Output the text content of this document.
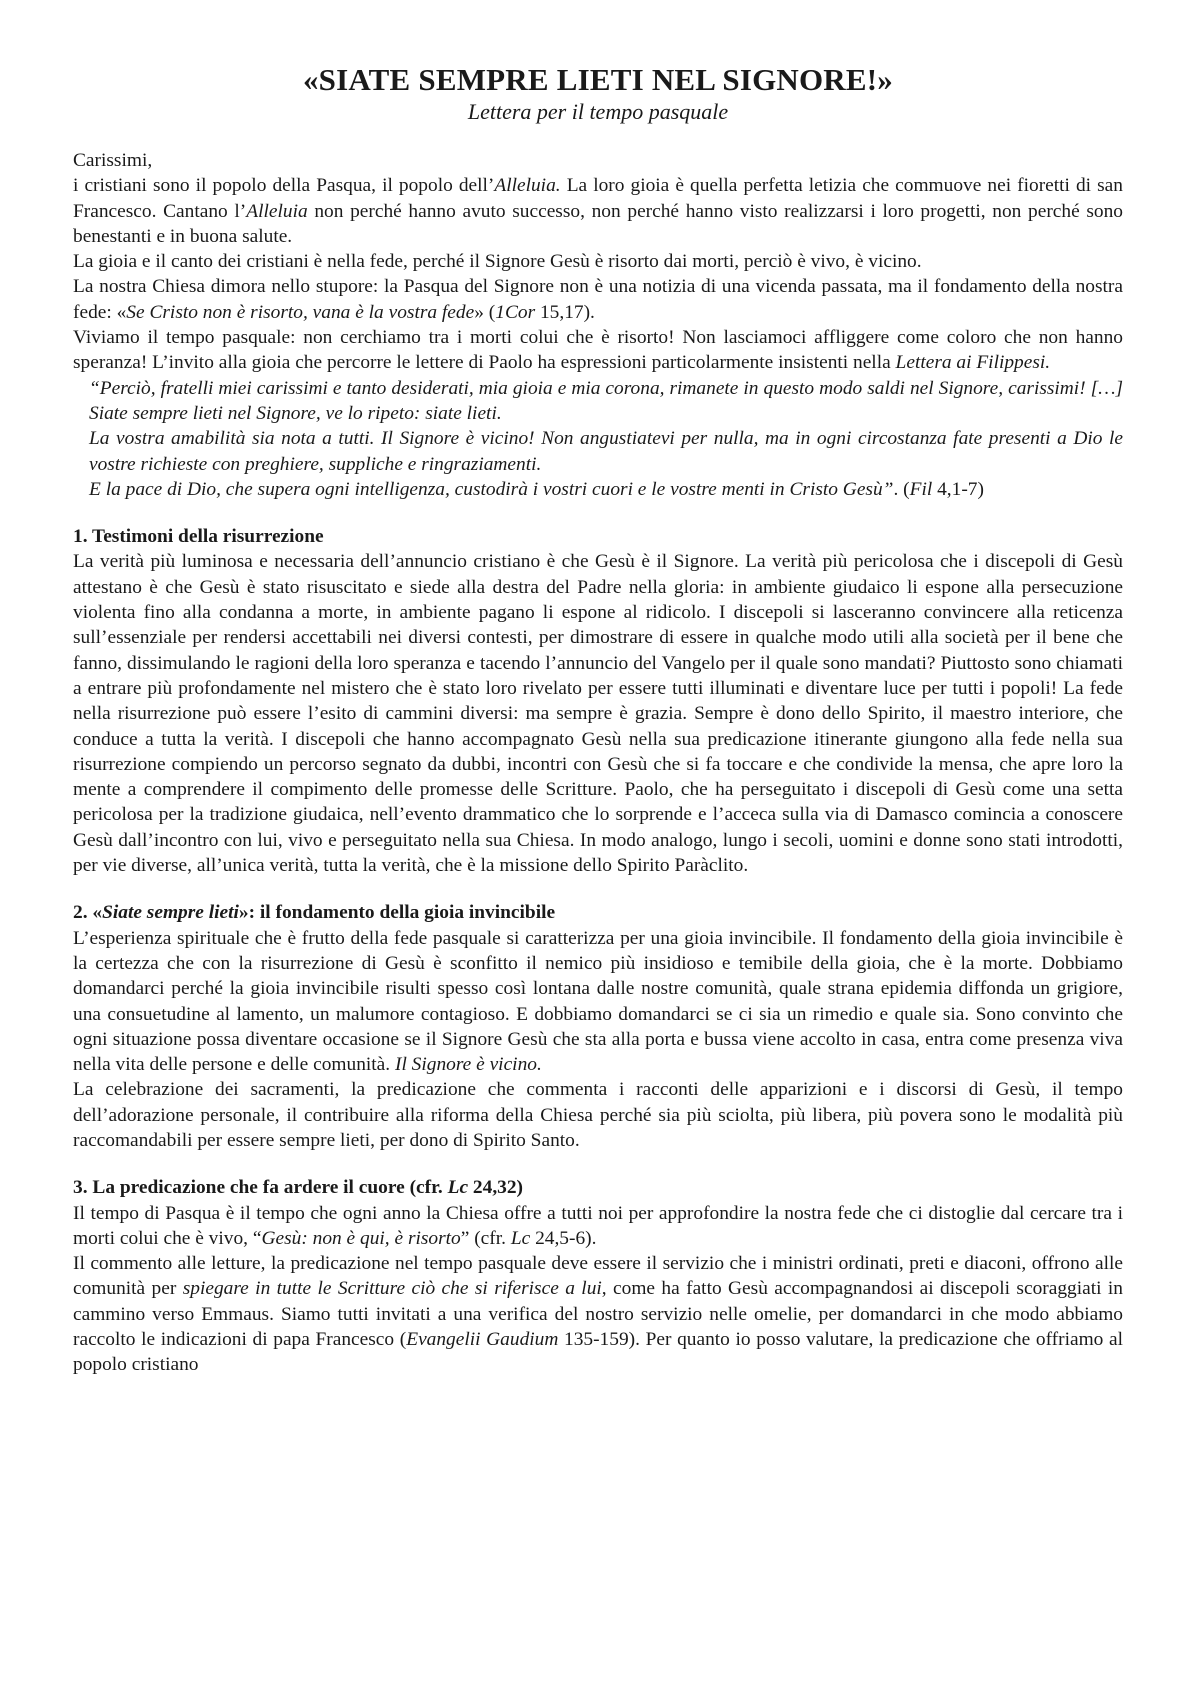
«SIATE SEMPRE LIETI NEL SIGNORE!»
Lettera per il tempo pasquale

Carissimi,

i cristiani sono il popolo della Pasqua, il popolo dell’Alleluia. La loro gioia è quella perfetta letizia che commuove nei fioretti di san Francesco. Cantano l’Alleluia non perché hanno avuto successo, non perché hanno visto realizzarsi i loro progetti, non perché sono benestanti e in buona salute.

La gioia e il canto dei cristiani è nella fede, perché il Signore Gesù è risorto dai morti, perciò è vivo, è vicino.

La nostra Chiesa dimora nello stupore: la Pasqua del Signore non è una notizia di una vicenda passata, ma il fondamento della nostra fede: «Se Cristo non è risorto, vana è la vostra fede» (1Cor 15,17).

Viviamo il tempo pasquale: non cerchiamo tra i morti colui che è risorto! Non lasciamoci affliggere come coloro che non hanno speranza! L’invito alla gioia che percorre le lettere di Paolo ha espressioni particolarmente insistenti nella Lettera ai Filippesi.

“Perciò, fratelli miei carissimi e tanto desiderati, mia gioia e mia corona, rimanete in questo modo saldi nel Signore, carissimi! […] Siate sempre lieti nel Signore, ve lo ripeto: siate lieti.

La vostra amabilità sia nota a tutti. Il Signore è vicino! Non angustiatevi per nulla, ma in ogni circostanza fate presenti a Dio le vostre richieste con preghiere, suppliche e ringraziamenti.

E la pace di Dio, che supera ogni intelligenza, custodirà i vostri cuori e le vostre menti in Cristo Gesù”. (Fil 4,1-7)

1. Testimoni della risurrezione

La verità più luminosa e necessaria dell’annuncio cristiano è che Gesù è il Signore. La verità più pericolosa che i discepoli di Gesù attestano è che Gesù è stato risuscitato e siede alla destra del Padre nella gloria: in ambiente giudaico li espone alla persecuzione violenta fino alla condanna a morte, in ambiente pagano li espone al ridicolo. I discepoli si lasceranno convincere alla reticenza sull’essenziale per rendersi accettabili nei diversi contesti, per dimostrare di essere in qualche modo utili alla società per il bene che fanno, dissimulando le ragioni della loro speranza e tacendo l’annuncio del Vangelo per il quale sono mandati? Piuttosto sono chiamati a entrare più profondamente nel mistero che è stato loro rivelato per essere tutti illuminati e diventare luce per tutti i popoli! La fede nella risurrezione può essere l’esito di cammini diversi: ma sempre è grazia. Sempre è dono dello Spirito, il maestro interiore, che conduce a tutta la verità. I discepoli che hanno accompagnato Gesù nella sua predicazione itinerante giungono alla fede nella sua risurrezione compiendo un percorso segnato da dubbi, incontri con Gesù che si fa toccare e che condivide la mensa, che apre loro la mente a comprendere il compimento delle promesse delle Scritture. Paolo, che ha perseguitato i discepoli di Gesù come una setta pericolosa per la tradizione giudaica, nell’evento drammatico che lo sorprende e l’acceca sulla via di Damasco comincia a conoscere Gesù dall’incontro con lui, vivo e perseguitato nella sua Chiesa. In modo analogo, lungo i secoli, uomini e donne sono stati introdotti, per vie diverse, all’unica verità, tutta la verità, che è la missione dello Spirito Paràclito.

2. «Siate sempre lieti»: il fondamento della gioia invincibile

L’esperienza spirituale che è frutto della fede pasquale si caratterizza per una gioia invincibile. Il fondamento della gioia invincibile è la certezza che con la risurrezione di Gesù è sconfitto il nemico più insidioso e temibile della gioia, che è la morte. Dobbiamo domandarci perché la gioia invincibile risulti spesso così lontana dalle nostre comunità, quale strana epidemia diffonda un grigiore, una consuetudine al lamento, un malumore contagioso. E dobbiamo domandarci se ci sia un rimedio e quale sia. Sono convinto che ogni situazione possa diventare occasione se il Signore Gesù che sta alla porta e bussa viene accolto in casa, entra come presenza viva nella vita delle persone e delle comunità. Il Signore è vicino.

La celebrazione dei sacramenti, la predicazione che commenta i racconti delle apparizioni e i discorsi di Gesù, il tempo dell’adorazione personale, il contribuire alla riforma della Chiesa perché sia più sciolta, più libera, più povera sono le modalità più raccomandabili per essere sempre lieti, per dono di Spirito Santo.

3. La predicazione che fa ardere il cuore (cfr. Lc 24,32)

Il tempo di Pasqua è il tempo che ogni anno la Chiesa offre a tutti noi per approfondire la nostra fede che ci distoglie dal cercare tra i morti colui che è vivo, “Gesù: non è qui, è risorto” (cfr. Lc 24,5-6).

Il commento alle letture, la predicazione nel tempo pasquale deve essere il servizio che i ministri ordinati, preti e diaconi, offrono alle comunità per spiegare in tutte le Scritture ciò che si riferisce a lui, come ha fatto Gesù accompagnandosi ai discepoli scoraggiati in cammino verso Emmaus. Siamo tutti invitati a una verifica del nostro servizio nelle omelie, per domandarci in che modo abbiamo raccolto le indicazioni di papa Francesco (Evangelii Gaudium 135-159). Per quanto io posso valutare, la predicazione che offriamo al popolo cristiano
